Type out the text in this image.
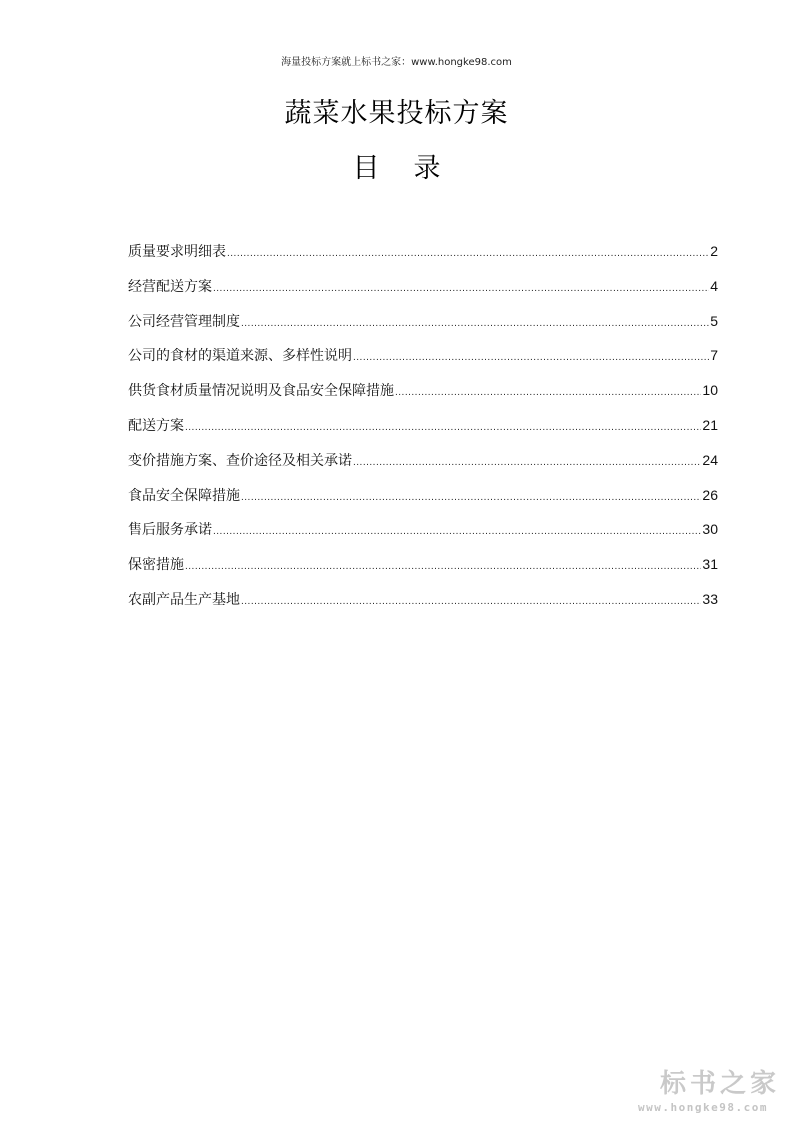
海量投标方案就上标书之家：www.hongke98.com
蔬菜水果投标方案
目 录
质量要求明细表 .....	2
经营配送方案 .....	4
公司经营管理制度 .....	5
公司的食材的渠道来源、多样性说明 .....	7
供货食材质量情况说明及食品安全保障措施 .....	10
配送方案 .....	21
变价措施方案、查价途径及相关承诺 .....	24
食品安全保障措施 .....	26
售后服务承诺 .....	30
保密措施 .....	31
农副产品生产基地 .....	33
标书之家
www.hongke98.com
